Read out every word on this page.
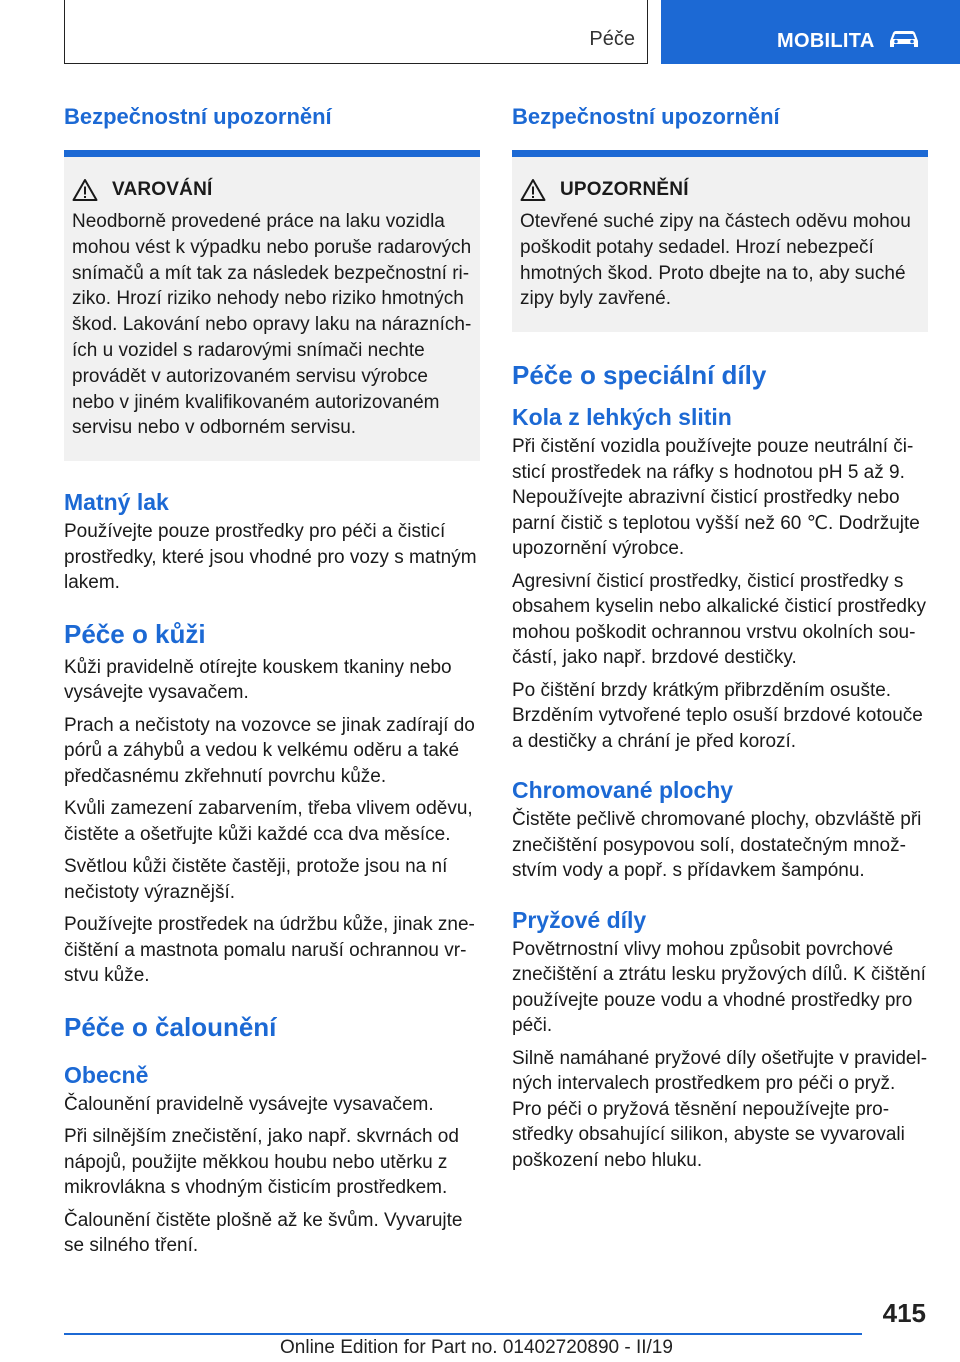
Péče	MOBILITA
Bezpečnostní upozornění
VAROVÁNÍ

Neodborně provedené práce na laku vozidla mohou vést k výpadku nebo poruše radarových snímačů a mít tak za následek bezpečnostní riziko. Hrozí riziko nehody nebo riziko hmotných škod. Lakování nebo opravy laku na nárazníchích u vozidel s radarovými snímači nechte provádět v autorizovaném servisu výrobce nebo v jiném kvalifikovaném autorizovaném servisu nebo v odborném servisu.

Matný lak

Používejte pouze prostředky pro péči a čisticí prostředky, které jsou vhodné pro vozy s matným lakem.

Péče o kůži

Kůži pravidelně otírejte kouskem tkaniny nebo vysávejte vysavačem.

Prach a nečistoty na vozovce se jinak zadírají do pórů a záhybů a vedou k velkému oděru a také předčasnému zkřehnutí povrchu kůže.

Kvůli zamezení zabarvením, třeba vlivem oděvu, čistěte a ošetřujte kůži každé cca dva měsíce.

Světlou kůži čistěte častěji, protože jsou na ní nečistoty výraznější.

Používejte prostředek na údržbu kůže, jinak znečištění a mastnota pomalu naruší ochrannou vrstvu kůže.

Péče o čalounění
Obecně

Čalounění pravidelně vysávejte vysavačem.

Při silnějším znečistění, jako např. skvrnách od nápojů, použijte měkkou houbu nebo utěrku z mikrovlákna s vhodným čisticím prostředkem.

Čalounění čistěte plošně až ke švům. Vyvarujte se silného tření.

Bezpečnostní upozornění
UPOZORNĚNÍ

Otevřené suché zipy na částech oděvu mohou poškodit potahy sedadel. Hrozí nebezpečí hmotných škod. Proto dbejte na to, aby suché zipy byly zavřené.

Péče o speciální díly
Kola z lehkých slitin

Při čistění vozidla používejte pouze neutrální čisticí prostředek na ráfky s hodnotou pH 5 až 9. Nepoužívejte abrazivní čisticí prostředky nebo parní čistič s teplotou vyšší než 60 ℃. Dodržujte upozornění výrobce.

Agresivní čisticí prostředky, čisticí prostředky s obsahem kyselin nebo alkalické čisticí prostředky mohou poškodit ochrannou vrstvu okolních součástí, jako např. brzdové destičky.

Po čištění brzdy krátkým přibrzděním osušte. Brzděním vytvořené teplo osuší brzdové kotouče a destičky a chrání je před korozí.

Chromované plochy

Čistěte pečlivě chromované plochy, obzvláště při znečištění posypovou solí, dostatečným množstvím vody a popř. s přídavkem šampónu.

Pryžové díly

Povětrnostní vlivy mohou způsobit povrchové znečištění a ztrátu lesku pryžových dílů. K čištění používejte pouze vodu a vhodné prostředky pro péči.

Silně namáhané pryžové díly ošetřujte v pravidelných intervalech prostředkem pro péči o pryž. Pro péči o pryžová těsnění nepoužívejte prostředky obsahující silikon, abyste se vyvarovali poškození nebo hluku.

415
Online Edition for Part no. 01402720890 - II/19
